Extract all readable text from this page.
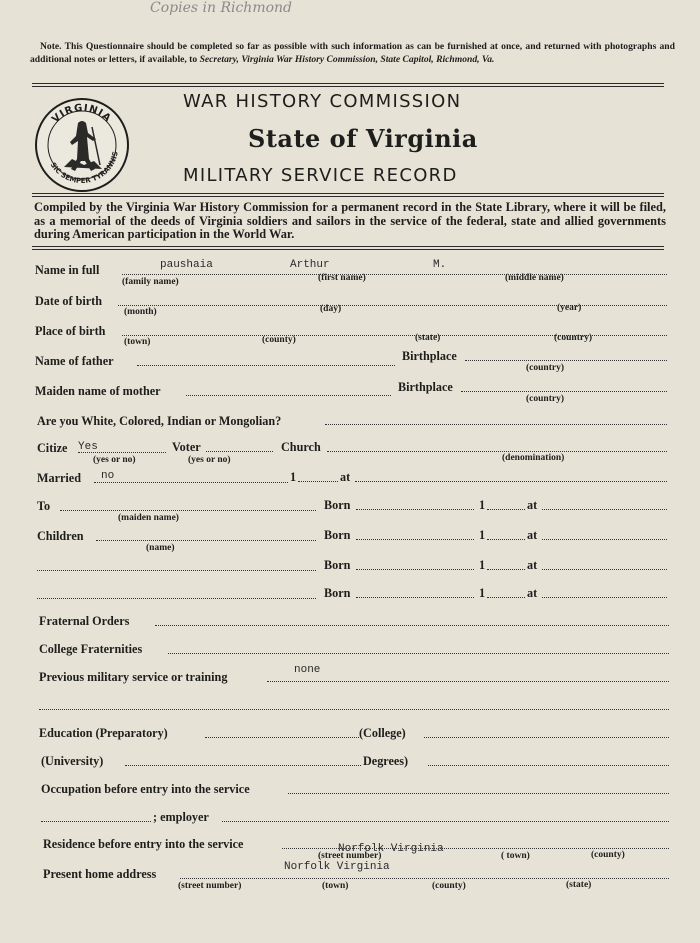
Copies in Richmond
Note. This Questionnaire should be completed so far as possible with such information as can be furnished at once, and returned with photographs and additional notes or letters, if available, to Secretary, Virginia War History Commission, State Capitol, Richmond, Va.
VIRGINIA
SIC SEMPER TYRANNIS
WAR HISTORY COMMISSION
State of Virginia
MILITARY SERVICE RECORD
Compiled by the Virginia War History Commission for a permanent record in the State Library, where it will be filed, as a memorial of the deeds of Virginia soldiers and sailors in the service of the federal, state and allied governments during American participation in the World War.
Name in full	paushaia	Arthur	M.
(family name)	(first name)	(middle name)
Date of birth
(month)	(day)	(year)
Place of birth
(town)	(county)	(state)	(country)
Name of father	Birthplace
(country)
Maiden name of mother	Birthplace
(country)
Are you White, Colored, Indian or Mongolian?
Citize Yes
(yes or no)
Voter
(yes or no)
Church
(denomination)
Married no	1	at
To
(maiden name)
Born	1	at
Children
(name)
Born	1	at
Born	1	at
Born	1	at
Fraternal Orders
College Fraternities
Previous military service or training	none
Education (Preparatory)	(College)
(University)	Degrees)
Occupation before entry into the service
; employer
Residence before entry into the service	Norfolk Virginia
(street number)	( town)	(county)
Present home address	Norfolk Virginia
(street number)	(town)	(county)	(state)
